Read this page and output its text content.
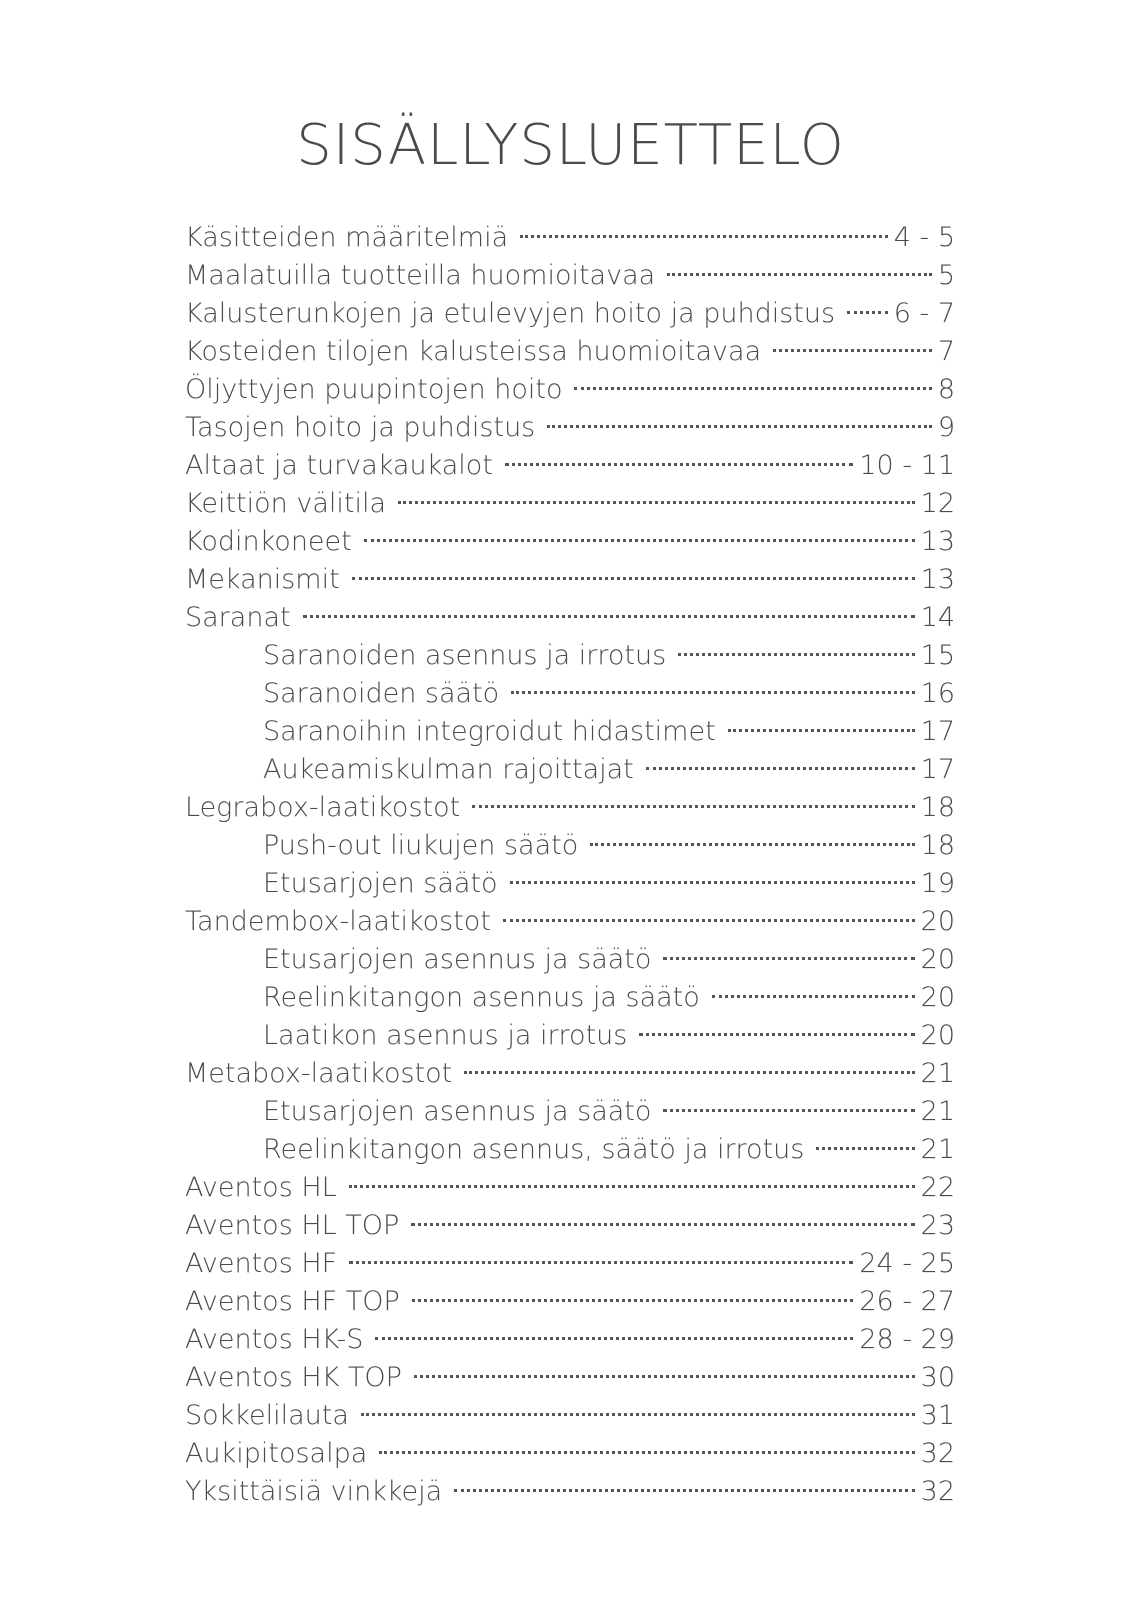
SISÄLLYSLUETTELO
Käsitteiden määritelmiä	4 - 5
Maalatuilla tuotteilla huomioitavaa	5
Kalusterunkojen ja etulevyjen hoito ja puhdistus	6 - 7
Kosteiden tilojen kalusteissa huomioitavaa	7
Öljyttyjen puupintojen hoito	8
Tasojen hoito ja puhdistus	9
Altaat ja turvakaukalot	10 - 11
Keittiön välitila	12
Kodinkoneet	13
Mekanismit	13
Saranat	14
Saranoiden asennus ja irrotus	15
Saranoiden säätö	16
Saranoihin integroidut hidastimet	17
Aukeamiskulman rajoittajat	17
Legrabox-laatikostot	18
Push-out liukujen säätö	18
Etusarjojen säätö	19
Tandembox-laatikostot	20
Etusarjojen asennus ja säätö	20
Reelinkitangon asennus ja säätö	20
Laatikon asennus ja irrotus	20
Metabox-laatikostot	21
Etusarjojen asennus ja säätö	21
Reelinkitangon asennus, säätö ja irrotus	21
Aventos HL	22
Aventos HL TOP	23
Aventos HF	24 - 25
Aventos HF TOP	26 - 27
Aventos HK-S	28 - 29
Aventos HK TOP	30
Sokkelilauta	31
Aukipitosalpa	32
Yksittäisiä vinkkejä	32
